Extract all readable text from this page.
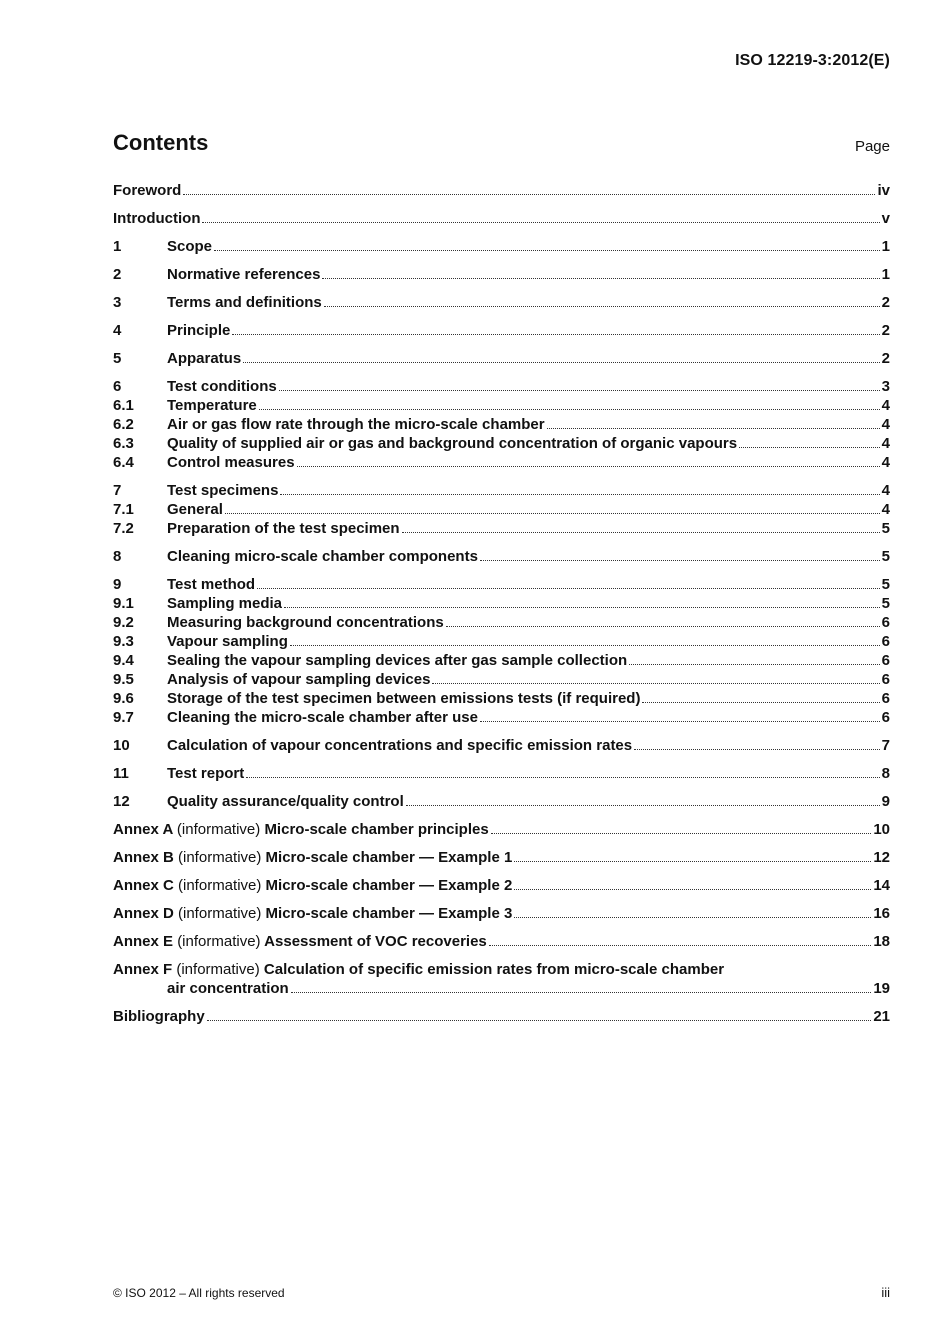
ISO 12219-3:2012(E)
Contents	Page
Foreword	iv
Introduction	v
1	Scope	1
2	Normative references	1
3	Terms and definitions	2
4	Principle	2
5	Apparatus	2
6	Test conditions	3
6.1	Temperature	4
6.2	Air or gas flow rate through the micro-scale chamber	4
6.3	Quality of supplied air or gas and background concentration of organic vapours	4
6.4	Control measures	4
7	Test specimens	4
7.1	General	4
7.2	Preparation of the test specimen	5
8	Cleaning micro-scale chamber components	5
9	Test method	5
9.1	Sampling media	5
9.2	Measuring background concentrations	6
9.3	Vapour sampling	6
9.4	Sealing the vapour sampling devices after gas sample collection	6
9.5	Analysis of vapour sampling devices	6
9.6	Storage of the test specimen between emissions tests (if required)	6
9.7	Cleaning the micro-scale chamber after use	6
10	Calculation of vapour concentrations and specific emission rates	7
11	Test report	8
12	Quality assurance/quality control	9
Annex A (informative) Micro-scale chamber principles	10
Annex B (informative) Micro-scale chamber — Example 1	12
Annex C (informative) Micro-scale chamber — Example 2	14
Annex D (informative) Micro-scale chamber — Example 3	16
Annex E (informative) Assessment of VOC recoveries	18
Annex F (informative) Calculation of specific emission rates from micro-scale chamber
air concentration	19
Bibliography	21
© ISO 2012 – All rights reserved	iii
